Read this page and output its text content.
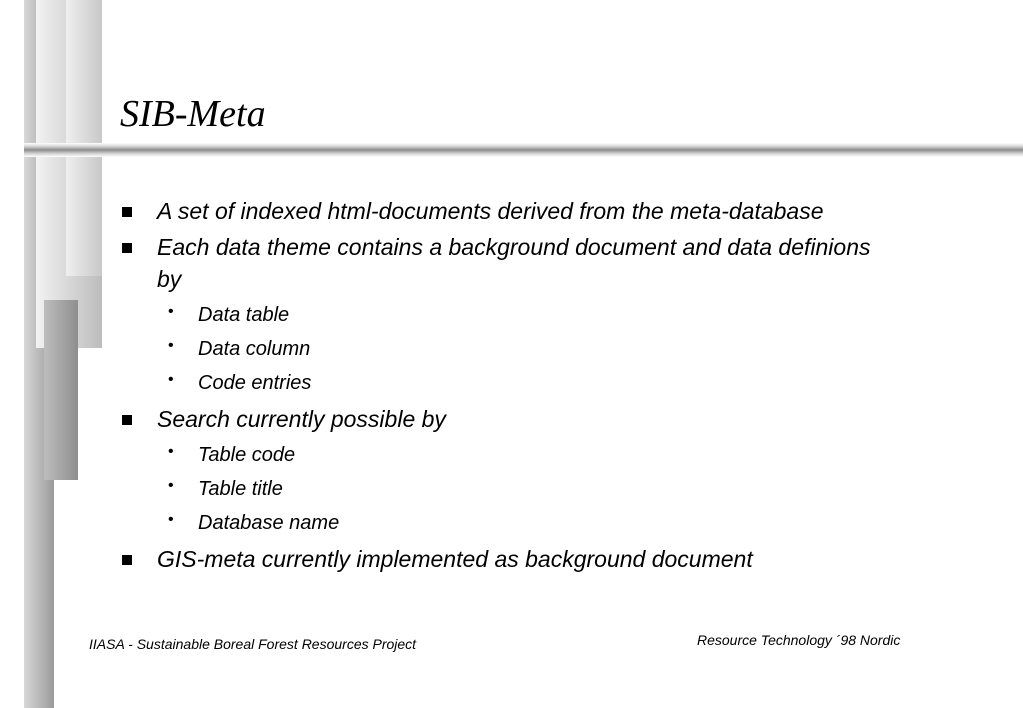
SIB-Meta
A set of indexed html-documents derived from the meta-database
Each data theme contains a background document and data definions by
• Data table
• Data column
• Code entries
Search currently possible by
• Table code
• Table title
• Database name
GIS-meta currently implemented as background document
IIASA - Sustainable Boreal Forest Resources Project	Resource Technology ´98 Nordic
